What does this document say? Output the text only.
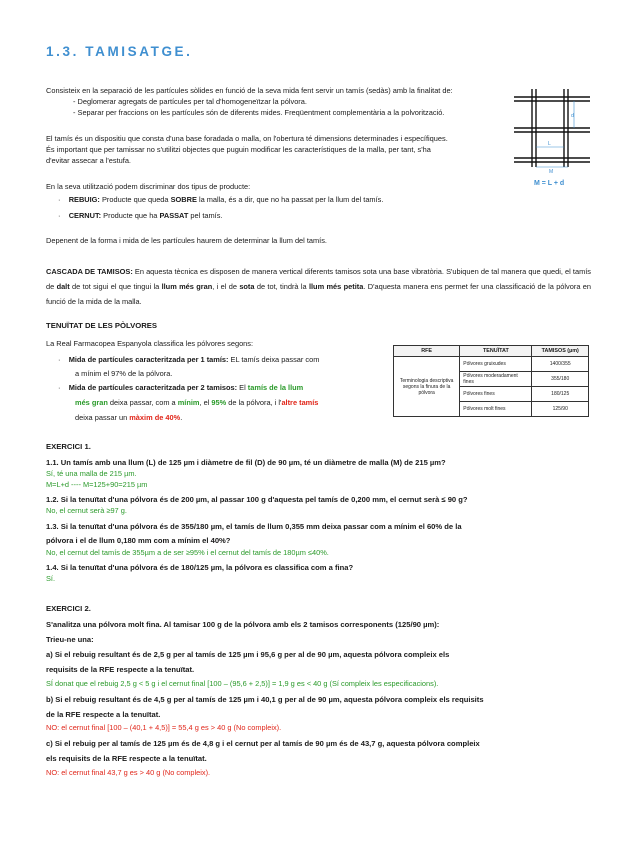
1.3. TAMISATGE.
Consisteix en la separació de les partícules sòlides en funció de la seva mida fent servir un tamís (sedàs) amb la finalitat de:
- Deglomerar agregats de partícules per tal d'homogeneïtzar la pólvora.
- Separar per fraccions on les partícules són de diferents mides. Freqüentment complementària a la polvorització.	d
L
M
M = L + d
El tamís és un dispositiu que consta d'una base foradada o malla, on l'obertura té dimensions determinades i específiques.
És important que per tamissar no s'utilitzi objectes que puguin modificar les característiques de la malla, per tant, s'ha
d'evitar assecar a l'estufa.
En la seva utilització podem discriminar dos tipus de producte:
· REBUIG: Producte que queda SOBRE la malla, és a dir, que no ha passat per la llum del tamís.
· CERNUT: Producte que ha PASSAT pel tamís.
Depenent de la forma i mida de les partícules haurem de determinar la llum del tamís.
CASCADA DE TAMISOS: En aquesta tècnica es disposen de manera vertical diferents tamisos sota una base vibratòria. S'ubiquen de tal manera que quedi, el tamís de dalt de tot sigui el que tingui la llum més gran, i el de sota de tot, tindrà la llum més petita. D'aquesta manera ens permet fer una classificació de la pólvora en funció de la mida de la malla.
TENUÏTAT DE LES PÒLVORES
La Real Farmacopea Espanyola classifica les pólvores segons:
· Mida de partícules caracteritzada per 1 tamís: EL tamís deixa passar com
a mínim el 97% de la pólvora.
· Mida de partícules caracteritzada per 2 tamisos: El tamís de la llum
més gran deixa passar, com a mínim, el 95% de la pólvora, i l'altre tamís
deixa passar un màxim de 40%.
RFE	TENUÏTAT	TAMISOS (µm)
Terminologia descriptiva segons la finura de la pólvora	Pólvores gruixudes	1400/355
	Pólvores moderadament fines	355/180
	Pólvores fines	180/125
	Pólvores molt fines	125/90
EXERCICI 1.
1.1. Un tamís amb una llum (L) de 125 µm i diàmetre de fil (D) de 90 µm, té un diàmetre de malla (M) de 215 µm?
Sí, té una malla de 215 µm.
M=L+d ---- M=125+90=215 µm
1.2. Si la tenuïtat d'una pólvora és de 200 µm, al passar 100 g d'aquesta pel tamís de 0,200 mm, el cernut serà ≤ 90 g?
No, el cernut serà ≥97 g.
1.3. Si la tenuïtat d'una pólvora és de 355/180 µm, el tamís de llum 0,355 mm deixa passar com a mínim el 60% de la
pólvora i el de llum 0,180 mm com a mínim el 40%?
No, el cernut del tamís de 355µm a de ser ≥95% i el cernut del tamís de 180µm ≤40%.
1.4. Si la tenuïtat d'una pólvora és de 180/125 µm, la pólvora es classifica com a fina?
Sí.
EXERCICI 2.
S'analitza una pólvora molt fina. Al tamisar 100 g de la pólvora amb els 2 tamisos corresponents (125/90 µm):
Trieu-ne una:
a) Si el rebuig resultant és de 2,5 g per al tamís de 125 µm i 95,6 g per al de 90 µm, aquesta pólvora compleix els
requisits de la RFE respecte a la tenuïtat.
SÍ donat que el rebuig 2,5 g < 5 g i el cernut final [100 – (95,6 + 2,5)] = 1,9 g es < 40 g (Sí compleix les especificacions).
b) Si el rebuig resultant és de 4,5 g per al tamís de 125 µm i 40,1 g per al de 90 µm, aquesta pólvora compleix els requisits
de la RFE respecte a la tenuïtat.
NO: el cernut final [100 – (40,1 + 4,5)] = 55,4 g es > 40 g (No compleix).
c) Si el rebuig per al tamís de 125 µm és de 4,8 g i el cernut per al tamís de 90 µm és de 43,7 g, aquesta pólvora compleix
els requisits de la RFE respecte a la tenuïtat.
NO: el cernut final 43,7 g es > 40 g (No compleix).
